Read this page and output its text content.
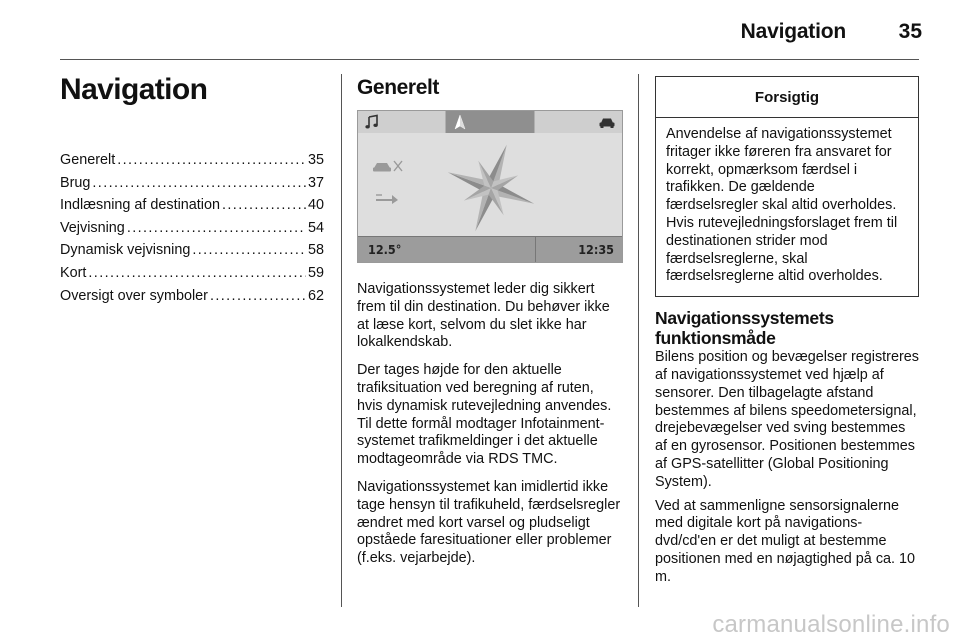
Navigation	35
Navigation
Generelt .....	35
Brug .....	37
Indlæsning af destination .....	40
Vejvisning .....	54
Dynamisk vejvisning .....	58
Kort .....	59
Oversigt over symboler .....	62
Generelt
12.5°	12:35

Navigationssystemet leder dig sikkert frem til din destination. Du behøver ikke at læse kort, selvom du slet ikke har lokalkendskab.

Der tages højde for den aktuelle trafiksituation ved beregning af ruten, hvis dynamisk rutevejledning anvendes. Til dette formål modtager Infotainment-systemet trafikmeldinger i det aktuelle modtageområde via RDS TMC.

Navigationssystemet kan imidlertid ikke tage hensyn til trafikuheld, færdselsregler ændret med kort varsel og pludseligt opståede faresituationer eller problemer (f.eks. vejarbejde).

Forsigtig
Anvendelse af navigationssystemet fritager ikke føreren fra ansvaret for korrekt, opmærksom færdsel i trafikken. De gældende færdselsregler skal altid overholdes. Hvis rutevejledningsforslaget frem til destinationen strider mod færdselsreglerne, skal færdselsreglerne altid overholdes.
Navigationssystemets funktionsmåde

Bilens position og bevægelser registreres af navigationssystemet ved hjælp af sensorer. Den tilbagelagte afstand bestemmes af bilens speedometersignal, drejebevægelser ved sving bestemmes af en gyrosensor. Positionen bestemmes af GPS-satellitter (Global Positioning System).

Ved at sammenligne sensorsignalerne med digitale kort på navigations-dvd/cd'en er det muligt at bestemme positionen med en nøjagtighed på ca. 10 m.

carmanualsonline.info
